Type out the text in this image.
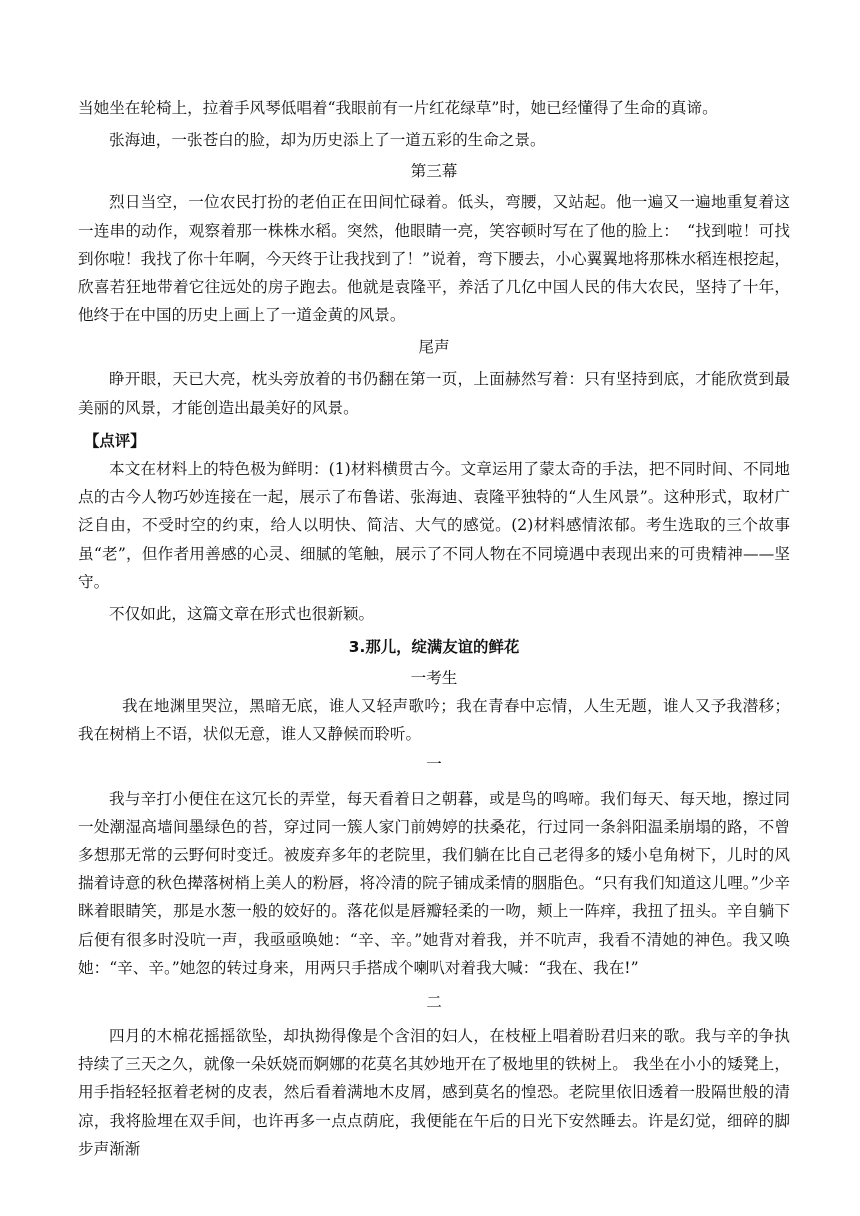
当她坐在轮椅上，拉着手风琴低唱着“我眼前有一片红花绿草”时，她已经懂得了生命的真谛。

张海迪，一张苍白的脸，却为历史添上了一道五彩的生命之景。

第三幕

烈日当空，一位农民打扮的老伯正在田间忙碌着。低头，弯腰，又站起。他一遍又一遍地重复着这一连串的动作，观察着那一株株水稻。突然，他眼睛一亮，笑容顿时写在了他的脸上：　“找到啦！可找到你啦！我找了你十年啊，今天终于让我找到了！”说着，弯下腰去，小心翼翼地将那株水稻连根挖起，欣喜若狂地带着它往远处的房子跑去。他就是袁隆平，养活了几亿中国人民的伟大农民，坚持了十年，他终于在中国的历史上画上了一道金黄的风景。

尾声

睁开眼，天已大亮，枕头旁放着的书仍翻在第一页，上面赫然写着：只有坚持到底，才能欣赏到最美丽的风景，才能创造出最美好的风景。

【点评】

本文在材料上的特色极为鲜明：(1)材料横贯古今。文章运用了蒙太奇的手法，把不同时间、不同地点的古今人物巧妙连接在一起，展示了布鲁诺、张海迪、袁隆平独特的“人生风景”。这种形式，取材广泛自由，不受时空的约束，给人以明快、简洁、大气的感觉。(2)材料感情浓郁。考生选取的三个故事虽“老”，但作者用善感的心灵、细腻的笔触，展示了不同人物在不同境遇中表现出来的可贵精神——坚守。

不仅如此，这篇文章在形式也很新颖。

3.那儿，绽满友谊的鲜花

一考生

我在地渊里哭泣，黑暗无底，谁人又轻声歌吟；我在青春中忘情，人生无题，谁人又予我潜移；我在树梢上不语，状似无意，谁人又静候而聆听。

一

我与辛打小便住在这冗长的弄堂，每天看着日之朝暮，或是鸟的鸣啼。我们每天、每天地，擦过同一处潮湿高墙间墨绿色的苔，穿过同一簇人家门前娉婷的扶桑花，行过同一条斜阳温柔崩塌的路，不曾多想那无常的云野何时变迁。被废弃多年的老院里，我们躺在比自己老得多的矮小皂角树下，儿时的风揣着诗意的秋色撵落树梢上美人的粉唇，将冷清的院子铺成柔情的胭脂色。“只有我们知道这儿哩。”少辛眯着眼睛笑，那是水葱一般的姣好的。落花似是唇瓣轻柔的一吻，颊上一阵痒，我扭了扭头。辛自躺下后便有很多时没吭一声，我亟亟唤她：“辛、辛。”她背对着我，并不吭声，我看不清她的神色。我又唤她：“辛、辛。”她忽的转过身来，用两只手搭成个喇叭对着我大喊：“我在、我在!”

二

四月的木棉花摇摇欲坠，却执拗得像是个含泪的妇人，在枝桠上唱着盼君归来的歌。我与辛的争执持续了三天之久，就像一朵妖娆而婀娜的花莫名其妙地开在了极地里的铁树上。 我坐在小小的矮凳上，用手指轻轻抠着老树的皮表，然后看着满地木皮屑，感到莫名的惶恐。老院里依旧透着一股隔世般的清凉，我将脸埋在双手间，也许再多一点点荫庇，我便能在午后的日光下安然睡去。许是幻觉，细碎的脚步声渐渐
